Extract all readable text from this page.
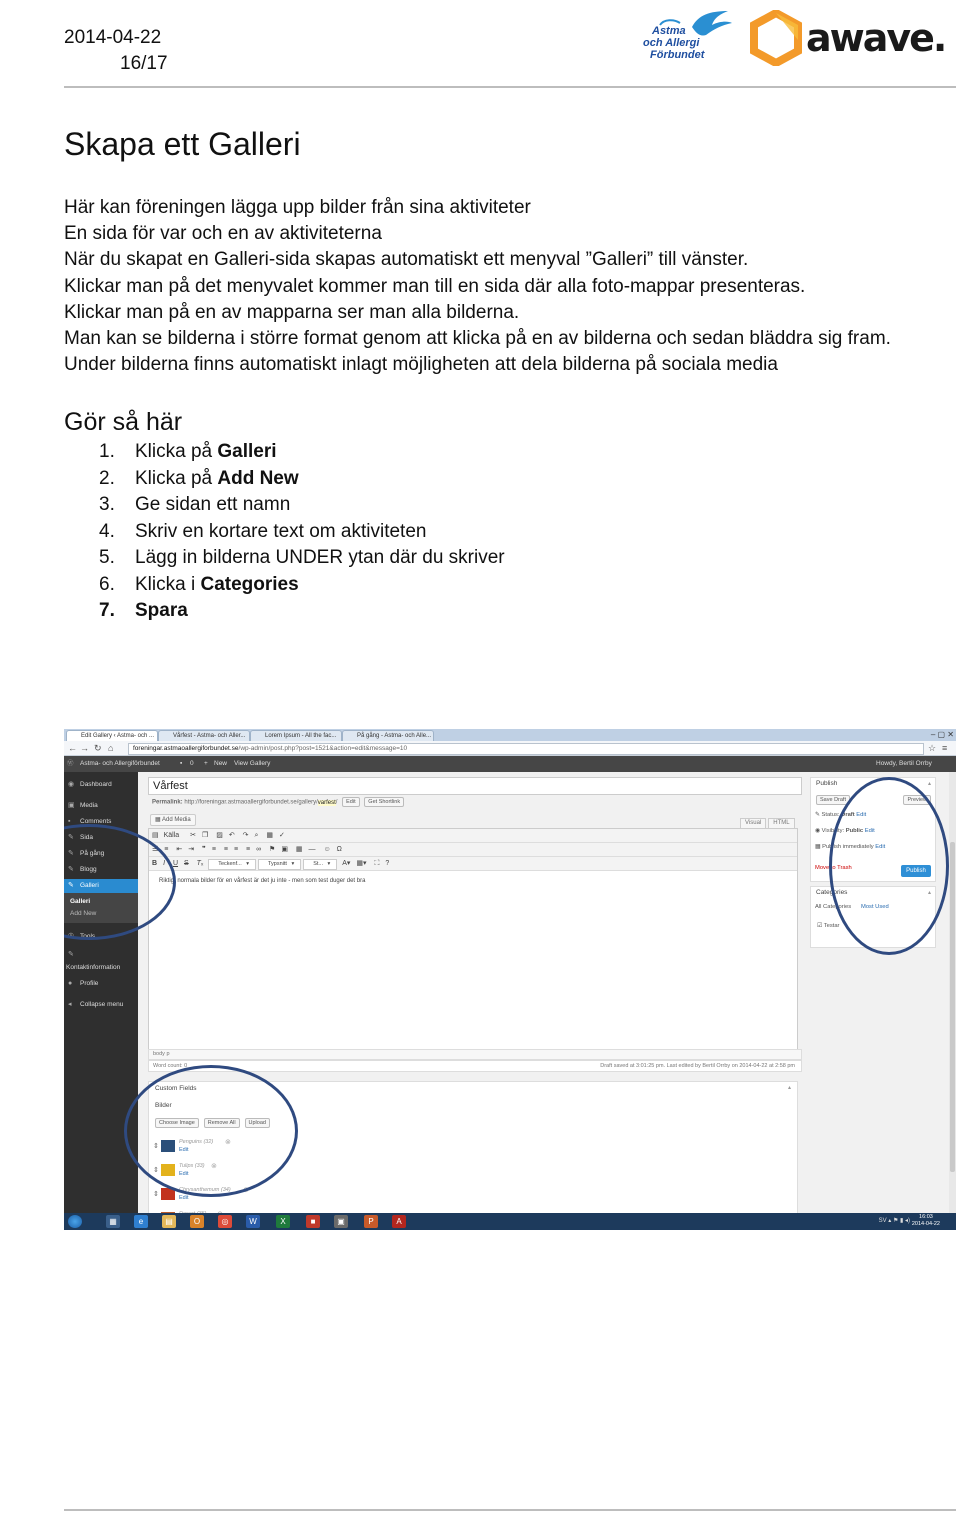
2014-04-22
16/17
Astma
och Allergi
Förbundet	awave.
Skapa ett Galleri
Här kan föreningen lägga upp bilder från sina aktiviteter
En sida för var och en av aktiviteterna
När du skapat en Galleri-sida skapas automatiskt ett menyval ”Galleri” till vänster.
Klickar man på det menyvalet kommer man till en sida där alla foto-mappar presenteras.
Klickar man på en av mapparna ser man alla bilderna.
Man kan se bilderna i större format genom att klicka på en av bilderna och sedan bläddra sig fram.
Under bilderna finns automatiskt inlagt möjligheten att dela bilderna på sociala media
Gör så här
1. Klicka på Galleri
2. Klicka på Add New
3. Ge sidan ett namn
4. Skriv en kortare text om aktiviteten
5. Lägg in bilderna UNDER ytan där du skriver
6. Klicka i Categories
7. Spara
Edit Gallery ‹ Astma- och ...	Vårfest - Astma- och Aller...	Lorem Ipsum - All the fac...	På gång - Astma- och Alle...	– ▢ ✕
← → ↻ ⌂	foreningar.astmaoallergiforbundet.se/wp-admin/post.php?post=1521&action=edit&message=10	☆ ≡
Ⓦ Astma- och Allergiförbundet	▪ 0 + New View Gallery	Howdy, Bertil Orrby
◉ Dashboard
▣ Media
▪ Comments
✎ Sida
✎ På gång
✎ Blogg
✎ Galleri
Galleri
Add New
✇ Tools
✎
Kontaktinformation
● Profile
◂ Collapse menu
Vårfest
Permalink: http://foreningar.astmaoallergiforbundet.se/gallery/varfest/ Edit Get Shortlink
▦ Add Media	Visual HTML
▤ Källa ✂ ❐ ▨ ↶ ↷ ⌕ ▦ ✓
☰ ≡ ⇤ ⇥ ❞ ≡ ≡ ≡ ≡ ∞ ⚑ ▣ ▦ ― ☺ Ω
B I U S Tₓ	Teckenf... ▾	Typsnitt ▾	St... ▾ A▾ ▦▾ ⛶ ?
Riktigt normala bilder för en vårfest är det ju inte - men som test duger det bra
body p
Word count: 0	Draft saved at 3:01:25 pm. Last edited by Bertil Orrby on 2014-04-22 at 2:58 pm
Custom Fields	▴
Bilder
Choose Image Remove All Upload
⇕
Penguins (32) ⊗
Edit
⇕
Tulips (33) ⊗
Edit
⇕
Chrysanthemum (34) ⊗
Edit
Publish	▴
Save Draft	Preview
✎ Status: Draft Edit
◉ Visibility: Public Edit
▦ Publish immediately Edit
Move to Trash	Publish
Categories	▴
All Categories Most Used
☑ Testar
▦	e	▤	O	◎	W	X	■	▣	P	A	SV ▴ ⚑ ▮ ◂)
16:03
2014-04-22
